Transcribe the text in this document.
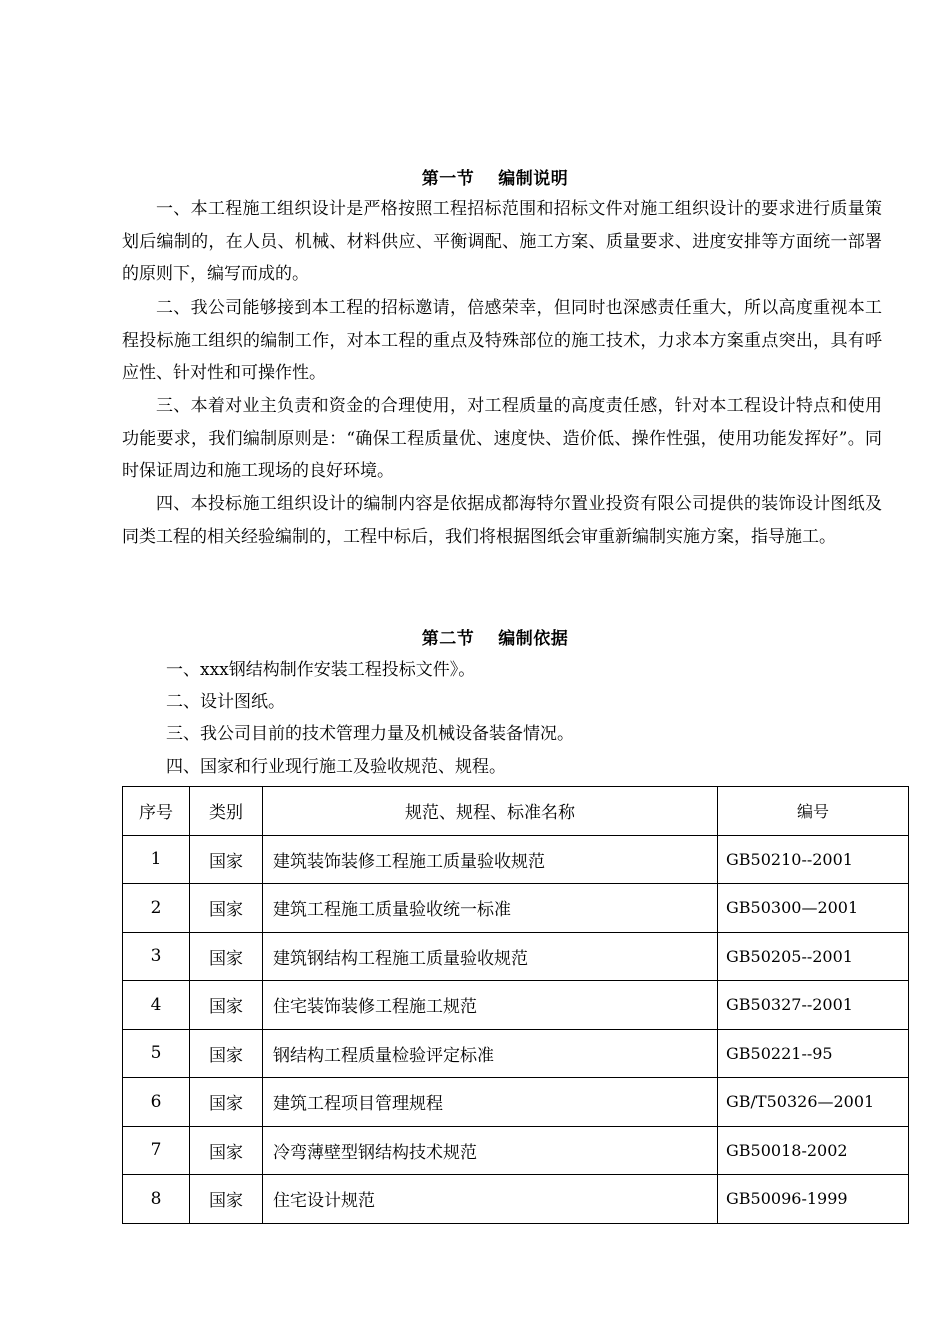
第一节　 编制说明
一、本工程施工组织设计是严格按照工程招标范围和招标文件对施工组织设计的要求进行质量策划后编制的，在人员、机械、材料供应、平衡调配、施工方案、质量要求、进度安排等方面统一部署的原则下，编写而成的。
二、我公司能够接到本工程的招标邀请，倍感荣幸，但同时也深感责任重大，所以高度重视本工程投标施工组织的编制工作，对本工程的重点及特殊部位的施工技术，力求本方案重点突出，具有呼应性、针对性和可操作性。
三、本着对业主负责和资金的合理使用，对工程质量的高度责任感，针对本工程设计特点和使用功能要求，我们编制原则是：“确保工程质量优、速度快、造价低、操作性强，使用功能发挥好”。同时保证周边和施工现场的良好环境。
四、本投标施工组织设计的编制内容是依据成都海特尔置业投资有限公司提供的装饰设计图纸及同类工程的相关经验编制的，工程中标后，我们将根据图纸会审重新编制实施方案，指导施工。
第二节　 编制依据
一、xxx钢结构制作安装工程投标文件》。
二、设计图纸。
三、我公司目前的技术管理力量及机械设备装备情况。
四、国家和行业现行施工及验收规范、规程。
序号	类别	规范、规程、标准名称	编号
1	国家	建筑装饰装修工程施工质量验收规范	GB50210--2001
2	国家	建筑工程施工质量验收统一标准	GB50300—2001
3	国家	建筑钢结构工程施工质量验收规范	GB50205--2001
4	国家	住宅装饰装修工程施工规范	GB50327--2001
5	国家	钢结构工程质量检验评定标准	GB50221--95
6	国家	建筑工程项目管理规程	GB/T50326—2001
7	国家	冷弯薄壁型钢结构技术规范	GB50018-2002
8	国家	住宅设计规范	GB50096-1999
